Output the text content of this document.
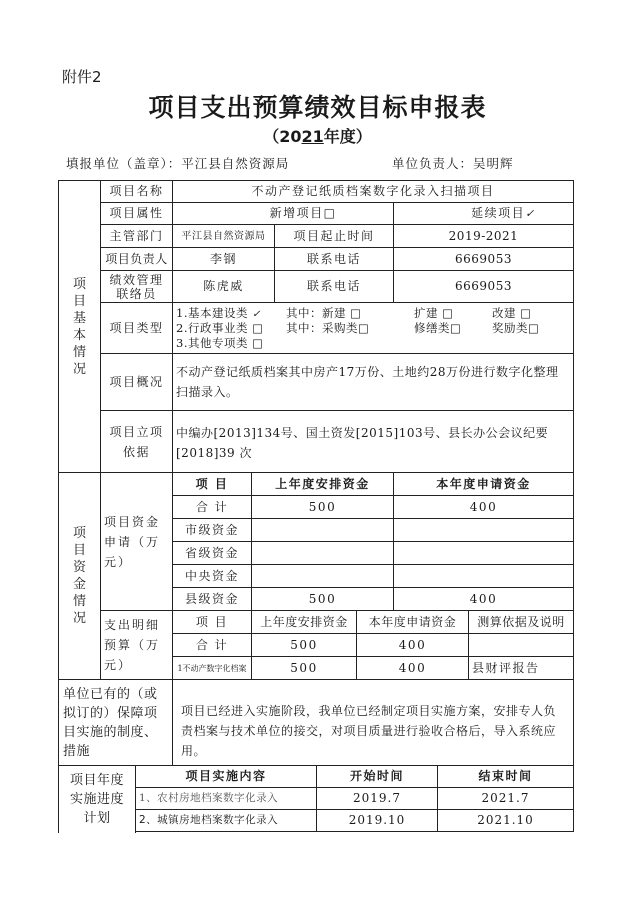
附件2
项目支出预算绩效目标申报表
（2021年度）
填报单位（盖章）：平江县自然资源局	单位负责人：吴明辉
项
目
基
本
情
况
项目名称	不动产登记纸质档案数字化录入扫描项目
项目属性	新增项目□	延续项目 ✓
主管部门	平江县自然资源局	项目起止时间	2019-2021
项目负责人	李钢	联系电话	6669053
绩效管理
联络员
陈虎威	联系电话	6669053
项目类型
1.基本建设类 ✓ 其中：新建 □	扩建 □	改建 □
2.行政事业类 □ 其中：采购类□	修缮类□	奖励类□
3.其他专项类 □
项目概况
不动产登记纸质档案其中房产17万份、土地约28万份进行数字化整理扫描录入。
项目立项
依据
中编办[2013]134号、国土资发[2015]103号、县长办公会议纪要[2018]39 次
项
目
资
金
情
况
项目资金申请（万元）
项 目	上年度安排资金	本年度申请资金
合 计	500	400
市级资金
省级资金
中央资金
县级资金	500	400
支出明细预算（万元）
项 目	上年度安排资金	本年度申请资金	测算依据及说明
合 计	500	400
1不动产数字化档案	500	400	县财评报告
单位已有的（或拟订的）保障项目实施的制度、措施
项目已经进入实施阶段，我单位已经制定项目实施方案，安排专人负责档案与技术单位的接交，对项目质量进行验收合格后，导入系统应用。
项目年度实施进度计划
项目实施内容	开始时间	结束时间
1、农村房地档案数字化录入	2019.7	2021.7
2、城镇房地档案数字化录入	2019.10	2021.10
